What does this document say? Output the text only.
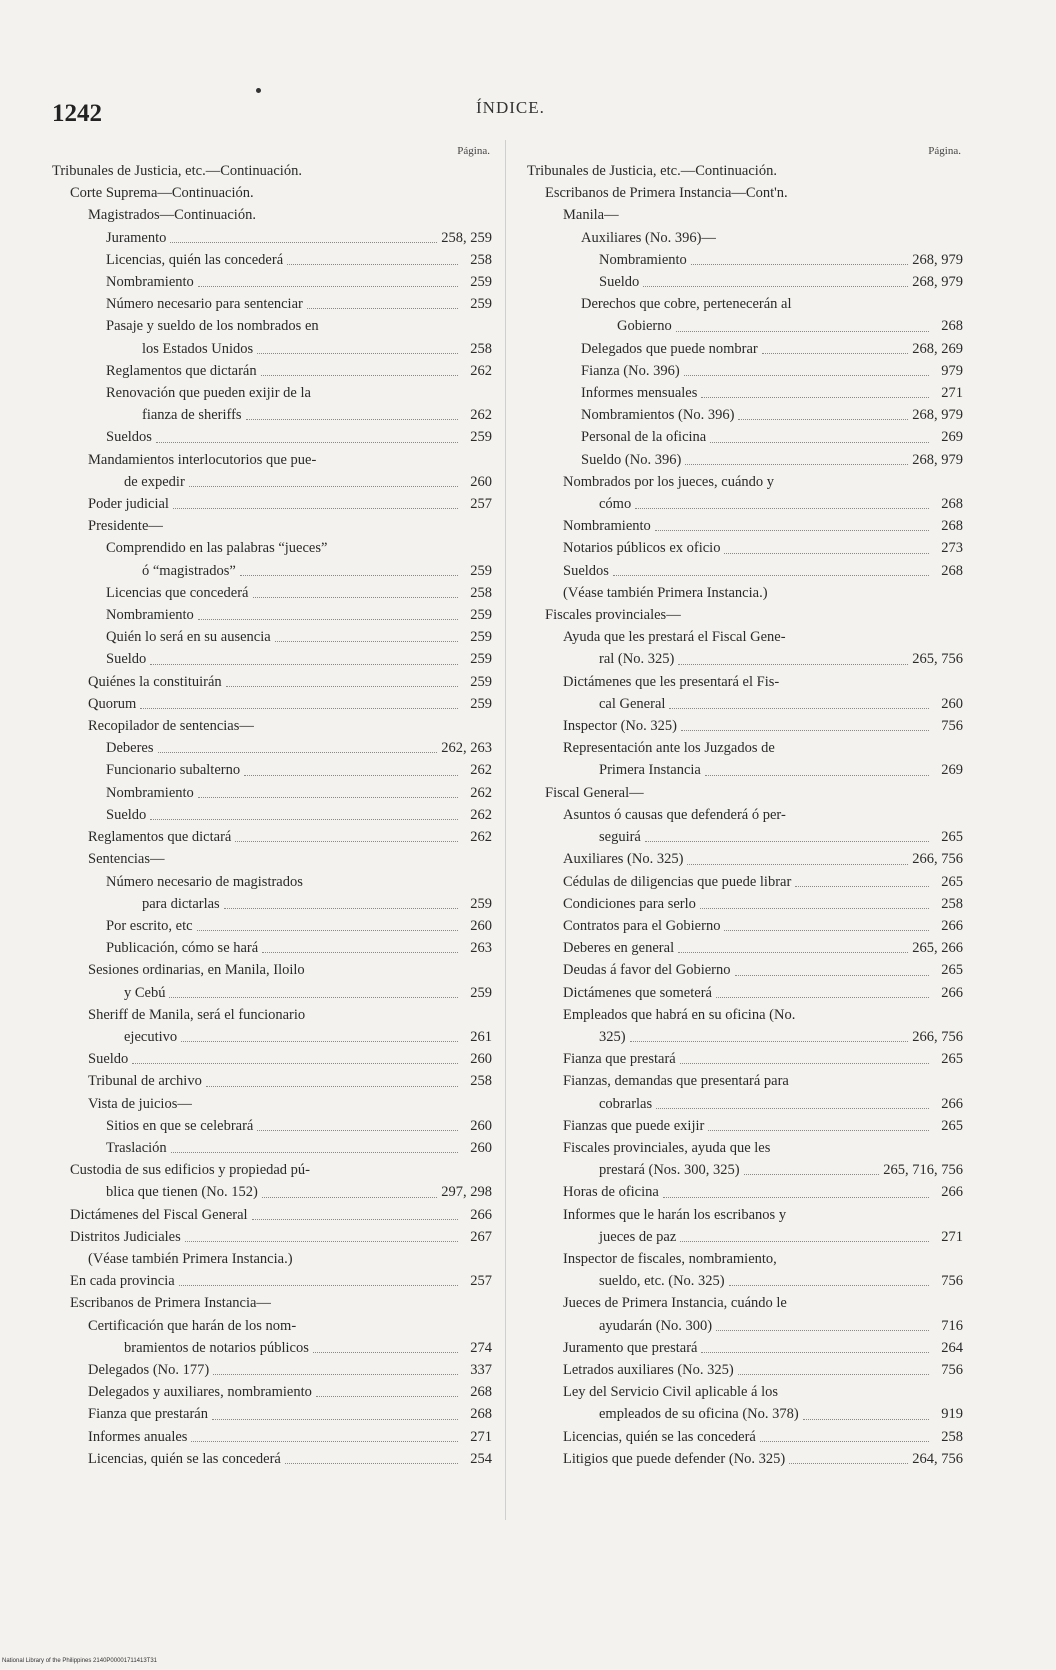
1242	ÍNDICE.
Página.
Tribunales de Justicia, etc.—Continuación.
Corte Suprema—Continuación.
Magistrados—Continuación.
Juramento	258, 259
Licencias, quién las concederá	258
Nombramiento	259
Número necesario para sentenciar	259
Pasaje y sueldo de los nombrados en
los Estados Unidos	258
Reglamentos que dictarán	262
Renovación que pueden exijir de la
fianza de sheriffs	262
Sueldos	259
Mandamientos interlocutorios que pue-
de expedir	260
Poder judicial	257
Presidente—
Comprendido en las palabras “jueces”
ó “magistrados”	259
Licencias que concederá	258
Nombramiento	259
Quién lo será en su ausencia	259
Sueldo	259
Quiénes la constituirán	259
Quorum	259
Recopilador de sentencias—
Deberes	262, 263
Funcionario subalterno	262
Nombramiento	262
Sueldo	262
Reglamentos que dictará	262
Sentencias—
Número necesario de magistrados
para dictarlas	259
Por escrito, etc	260
Publicación, cómo se hará	263
Sesiones ordinarias, en Manila, Iloilo
y Cebú	259
Sheriff de Manila, será el funcionario
ejecutivo	261
Sueldo	260
Tribunal de archivo	258
Vista de juicios—
Sitios en que se celebrará	260
Traslación	260
Custodia de sus edificios y propiedad pú-
blica que tienen (No. 152)	297, 298
Dictámenes del Fiscal General	266
Distritos Judiciales	267
(Véase también Primera Instancia.)
En cada provincia	257
Escribanos de Primera Instancia—
Certificación que harán de los nom-
bramientos de notarios públicos	274
Delegados (No. 177)	337
Delegados y auxiliares, nombramiento	268
Fianza que prestarán	268
Informes anuales	271
Licencias, quién se las concederá	254
Página.
Tribunales de Justicia, etc.—Continuación.
Escribanos de Primera Instancia—Cont'n.
Manila—
Auxiliares (No. 396)—
Nombramiento	268, 979
Sueldo	268, 979
Derechos que cobre, pertenecerán al
Gobierno	268
Delegados que puede nombrar	268, 269
Fianza (No. 396)	979
Informes mensuales	271
Nombramientos (No. 396)	268, 979
Personal de la oficina	269
Sueldo (No. 396)	268, 979
Nombrados por los jueces, cuándo y
cómo	268
Nombramiento	268
Notarios públicos ex oficio	273
Sueldos	268
(Véase también Primera Instancia.)
Fiscales provinciales—
Ayuda que les prestará el Fiscal Gene-
ral (No. 325)	265, 756
Dictámenes que les presentará el Fis-
cal General	260
Inspector (No. 325)	756
Representación ante los Juzgados de
Primera Instancia	269
Fiscal General—
Asuntos ó causas que defenderá ó per-
seguirá	265
Auxiliares (No. 325)	266, 756
Cédulas de diligencias que puede librar	265
Condiciones para serlo	258
Contratos para el Gobierno	266
Deberes en general	265, 266
Deudas á favor del Gobierno	265
Dictámenes que someterá	266
Empleados que habrá en su oficina (No.
325)	266, 756
Fianza que prestará	265
Fianzas, demandas que presentará para
cobrarlas	266
Fianzas que puede exijir	265
Fiscales provinciales, ayuda que les
prestará (Nos. 300, 325)	265, 716, 756
Horas de oficina	266
Informes que le harán los escribanos y
jueces de paz	271
Inspector de fiscales, nombramiento,
sueldo, etc. (No. 325)	756
Jueces de Primera Instancia, cuándo le
ayudarán (No. 300)	716
Juramento que prestará	264
Letrados auxiliares (No. 325)	756
Ley del Servicio Civil aplicable á los
empleados de su oficina (No. 378)	919
Licencias, quién se las concederá	258
Litigios que puede defender (No. 325)	264, 756
National Library of the Philippines 2140P00001711413T31
